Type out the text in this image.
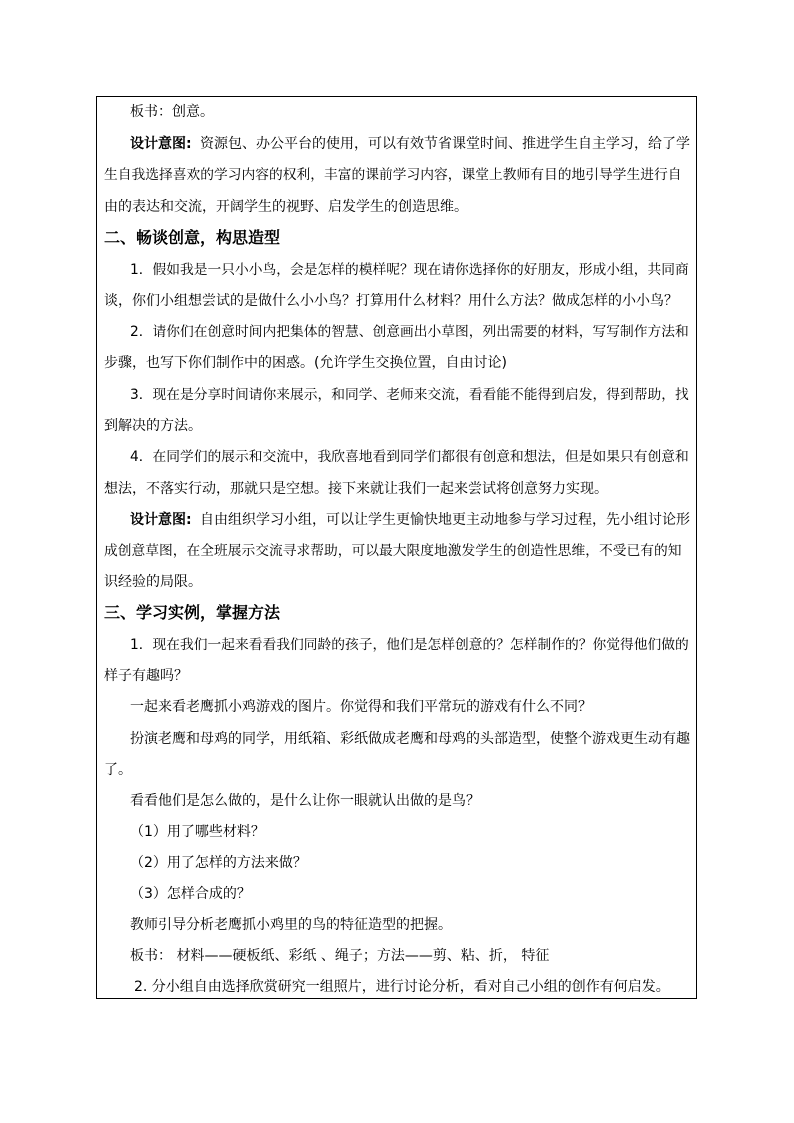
板书：创意。
设计意图: 资源包、办公平台的使用，可以有效节省课堂时间、推进学生自主学习，给了学
生自我选择喜欢的学习内容的权利，丰富的课前学习内容，课堂上教师有目的地引导学生进行自
由的表达和交流，开阔学生的视野、启发学生的创造思维。
二、畅谈创意，构思造型
1．假如我是一只小小鸟，会是怎样的模样呢？现在请你选择你的好朋友，形成小组，共同商
谈，你们小组想尝试的是做什么小小鸟？打算用什么材料？用什么方法？做成怎样的小小鸟？
2．请你们在创意时间内把集体的智慧、创意画出小草图，列出需要的材料，写写制作方法和
步骤，也写下你们制作中的困惑。(允许学生交换位置，自由讨论)
3．现在是分享时间请你来展示，和同学、老师来交流，看看能不能得到启发，得到帮助，找
到解决的方法。
4．在同学们的展示和交流中，我欣喜地看到同学们都很有创意和想法，但是如果只有创意和
想法，不落实行动，那就只是空想。接下来就让我们一起来尝试将创意努力实现。
设计意图: 自由组织学习小组，可以让学生更愉快地更主动地参与学习过程，先小组讨论形
成创意草图，在全班展示交流寻求帮助，可以最大限度地激发学生的创造性思维，不受已有的知
识经验的局限。
三、学习实例，掌握方法
1．现在我们一起来看看我们同龄的孩子，他们是怎样创意的？怎样制作的？你觉得他们做的
样子有趣吗？
一起来看老鹰抓小鸡游戏的图片。你觉得和我们平常玩的游戏有什么不同？
扮演老鹰和母鸡的同学，用纸箱、彩纸做成老鹰和母鸡的头部造型，使整个游戏更生动有趣
了。
看看他们是怎么做的，是什么让你一眼就认出做的是鸟？
（1）用了哪些材料？
（2）用了怎样的方法来做？
（3）怎样合成的？
教师引导分析老鹰抓小鸡里的鸟的特征造型的把握。
板书： 材料——硬板纸、彩纸 、绳子；方法——剪、粘、折， 特征
2. 分小组自由选择欣赏研究一组照片，进行讨论分析，看对自己小组的创作有何启发。
